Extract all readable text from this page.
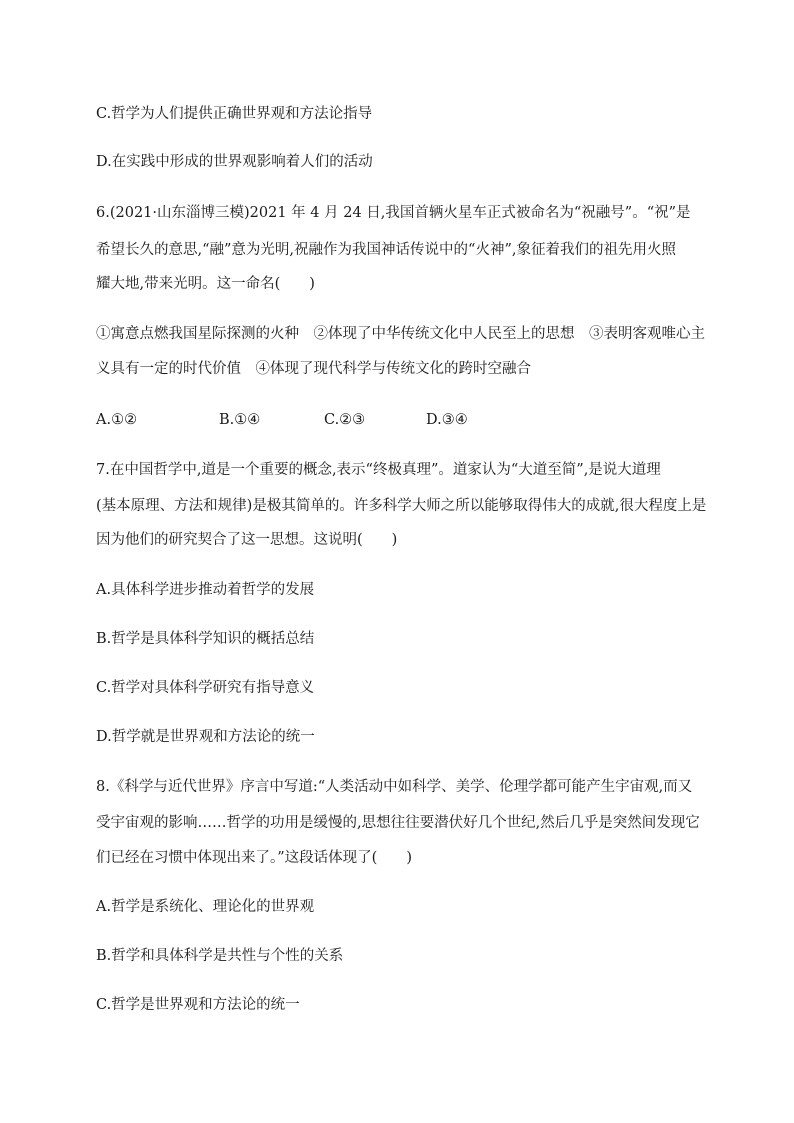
C.哲学为人们提供正确世界观和方法论指导
D.在实践中形成的世界观影响着人们的活动
6.(2021·山东淄博三模)2021 年 4 月 24 日,我国首辆火星车正式被命名为“祝融号”。“祝”是
希望长久的意思,“融”意为光明,祝融作为我国神话传说中的“火神”,象征着我们的祖先用火照
耀大地,带来光明。这一命名(　　)
①寓意点燃我国星际探测的火种　②体现了中华传统文化中人民至上的思想　③表明客观唯心主
义具有一定的时代价值　④体现了现代科学与传统文化的跨时空融合
A.①②	B.①④	C.②③	D.③④
7.在中国哲学中,道是一个重要的概念,表示“终极真理”。道家认为“大道至简”,是说大道理
(基本原理、方法和规律)是极其简单的。许多科学大师之所以能够取得伟大的成就,很大程度上是
因为他们的研究契合了这一思想。这说明(　　)
A.具体科学进步推动着哲学的发展
B.哲学是具体科学知识的概括总结
C.哲学对具体科学研究有指导意义
D.哲学就是世界观和方法论的统一
8.《科学与近代世界》序言中写道:“人类活动中如科学、美学、伦理学都可能产生宇宙观,而又
受宇宙观的影响……哲学的功用是缓慢的,思想往往要潜伏好几个世纪,然后几乎是突然间发现它
们已经在习惯中体现出来了。”这段话体现了(　　)
A.哲学是系统化、理论化的世界观
B.哲学和具体科学是共性与个性的关系
C.哲学是世界观和方法论的统一
